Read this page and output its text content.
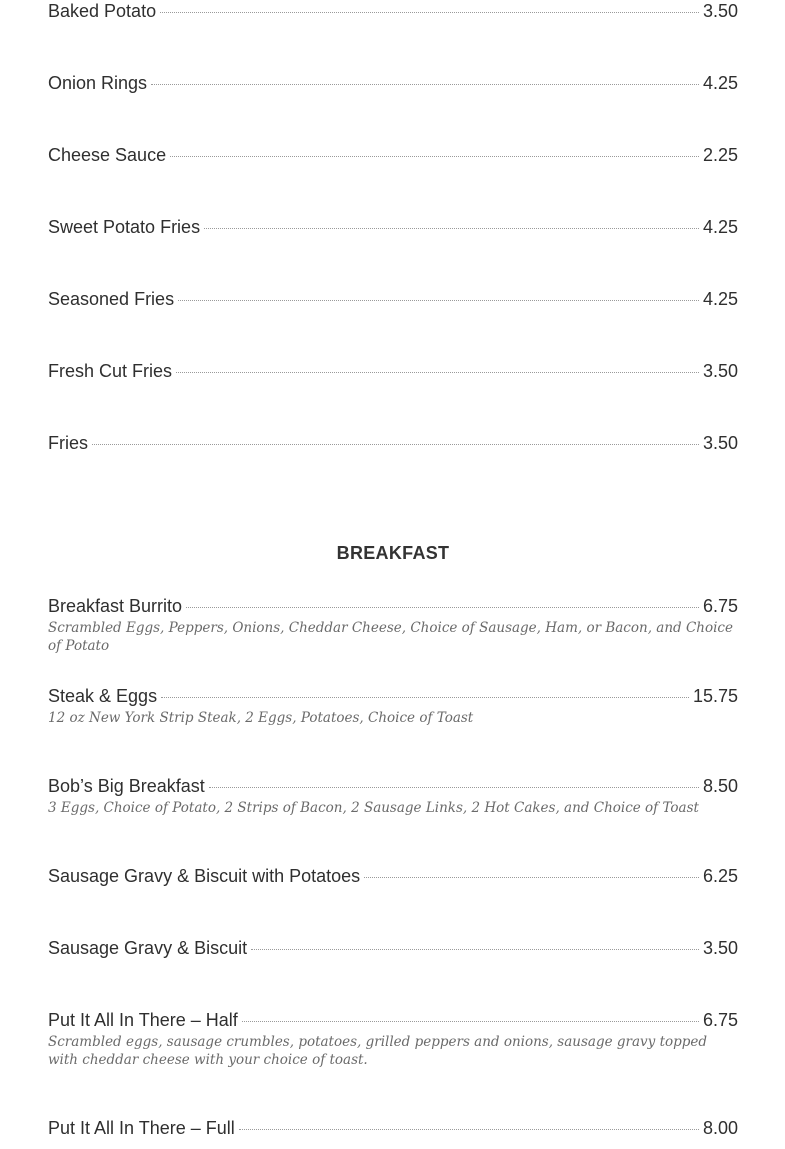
Baked Potato	3.50
Onion Rings	4.25
Cheese Sauce	2.25
Sweet Potato Fries	4.25
Seasoned Fries	4.25
Fresh Cut Fries	3.50
Fries	3.50
BREAKFAST
Breakfast Burrito	6.75
Scrambled Eggs, Peppers, Onions, Cheddar Cheese, Choice of Sausage, Ham, or Bacon, and Choice of Potato
Steak & Eggs	15.75
12 oz New York Strip Steak, 2 Eggs, Potatoes, Choice of Toast
Bob’s Big Breakfast	8.50
3 Eggs, Choice of Potato, 2 Strips of Bacon, 2 Sausage Links, 2 Hot Cakes, and Choice of Toast
Sausage Gravy & Biscuit with Potatoes	6.25
Sausage Gravy & Biscuit	3.50
Put It All In There – Half	6.75
Scrambled eggs, sausage crumbles, potatoes, grilled peppers and onions, sausage gravy topped with cheddar cheese with your choice of toast.
Put It All In There – Full	8.00
